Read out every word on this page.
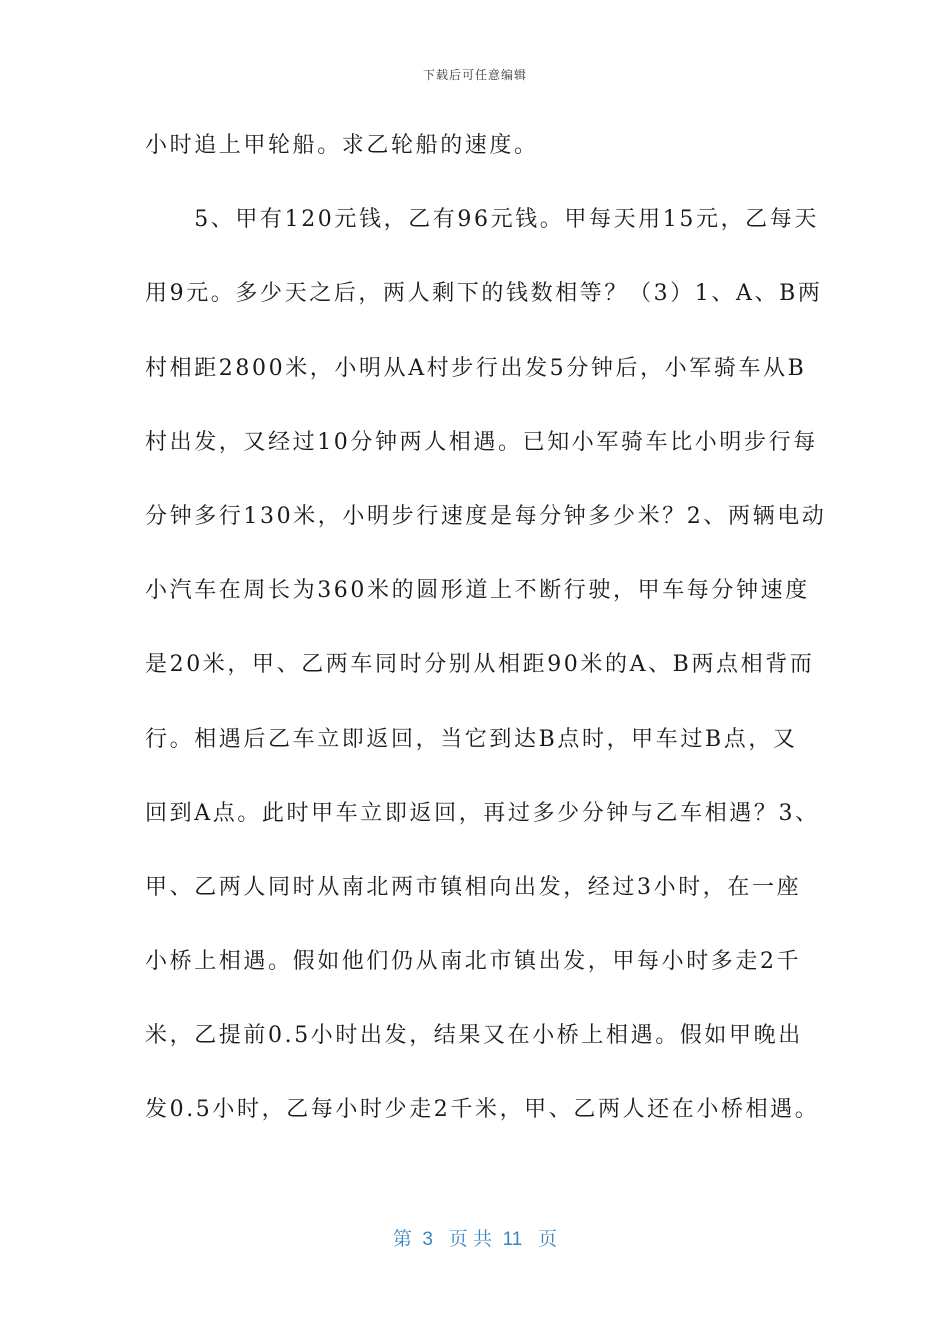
下载后可任意编辑
小时追上甲轮船。求乙轮船的速度。
　　5、甲有120元钱，乙有96元钱。甲每天用15元，乙每天
用9元。多少天之后，两人剩下的钱数相等？（3）1、A、B两
村相距2800米，小明从A村步行出发5分钟后，小军骑车从B
村出发，又经过10分钟两人相遇。已知小军骑车比小明步行每
分钟多行130米，小明步行速度是每分钟多少米？2、两辆电动
小汽车在周长为360米的圆形道上不断行驶，甲车每分钟速度
是20米，甲、乙两车同时分别从相距90米的A、B两点相背而
行。相遇后乙车立即返回，当它到达B点时，甲车过B点，又
回到A点。此时甲车立即返回，再过多少分钟与乙车相遇？3、
甲、乙两人同时从南北两市镇相向出发，经过3小时，在一座
小桥上相遇。假如他们仍从南北市镇出发，甲每小时多走2千
米，乙提前0.5小时出发，结果又在小桥上相遇。假如甲晚出
发0.5小时，乙每小时少走2千米，甲、乙两人还在小桥相遇。
第  3   页 共  11   页
